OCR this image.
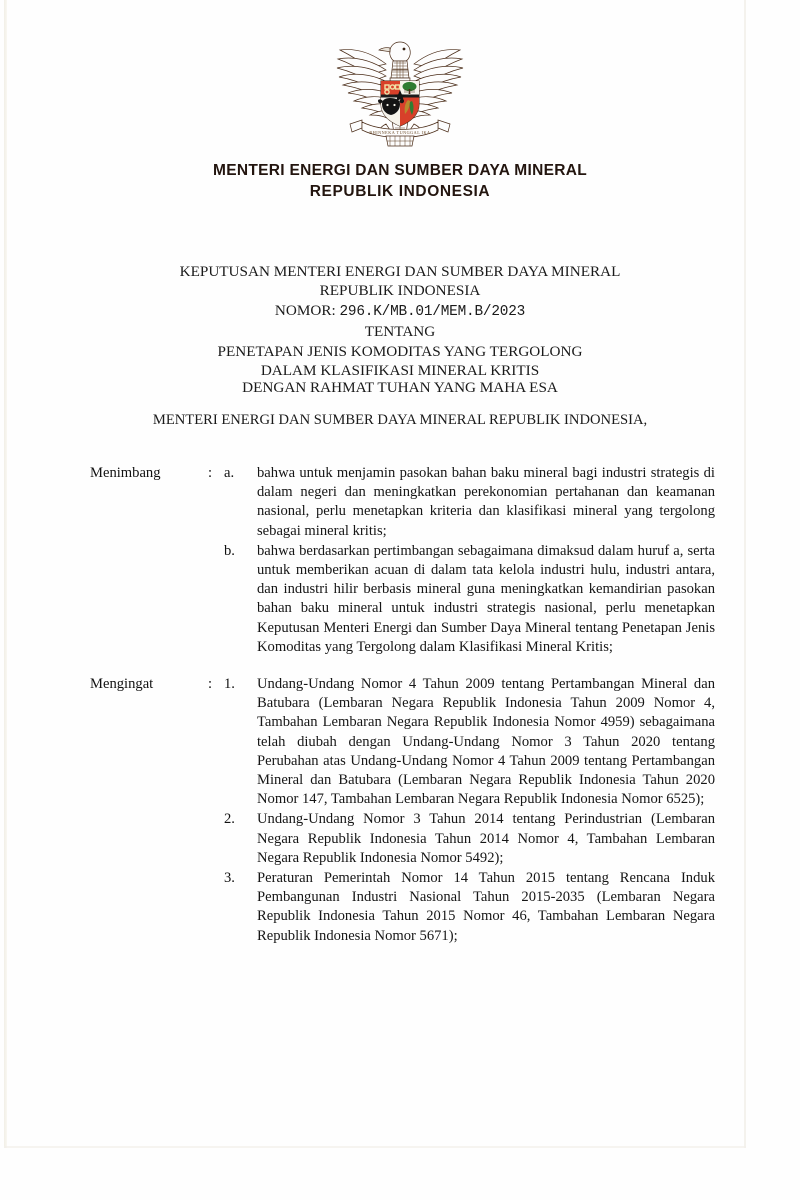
BHINNEKA TUNGGAL IKA
MENTERI ENERGI DAN SUMBER DAYA MINERAL
REPUBLIK INDONESIA
KEPUTUSAN MENTERI ENERGI DAN SUMBER DAYA MINERAL
REPUBLIK INDONESIA
NOMOR: 296.K/MB.01/MEM.B/2023
TENTANG
PENETAPAN JENIS KOMODITAS YANG TERGOLONG
DALAM KLASIFIKASI MINERAL KRITIS
DENGAN RAHMAT TUHAN YANG MAHA ESA
MENTERI ENERGI DAN SUMBER DAYA MINERAL REPUBLIK INDONESIA,
Menimbang	: a.	bahwa untuk menjamin pasokan bahan baku mineral bagi industri strategis di dalam negeri dan meningkatkan perekonomian pertahanan dan keamanan nasional, perlu menetapkan kriteria dan klasifikasi mineral yang tergolong sebagai mineral kritis;
b.	bahwa berdasarkan pertimbangan sebagaimana dimaksud dalam huruf a, serta untuk memberikan acuan di dalam tata kelola industri hulu, industri antara, dan industri hilir berbasis mineral guna meningkatkan kemandirian pasokan bahan baku mineral untuk industri strategis nasional, perlu menetapkan Keputusan Menteri Energi dan Sumber Daya Mineral tentang Penetapan Jenis Komoditas yang Tergolong dalam Klasifikasi Mineral Kritis;
Mengingat	: 1.	Undang-Undang Nomor 4 Tahun 2009 tentang Pertambangan Mineral dan Batubara (Lembaran Negara Republik Indonesia Tahun 2009 Nomor 4, Tambahan Lembaran Negara Republik Indonesia Nomor 4959) sebagaimana telah diubah dengan Undang-Undang Nomor 3 Tahun 2020 tentang Perubahan atas Undang-Undang Nomor 4 Tahun 2009 tentang Pertambangan Mineral dan Batubara (Lembaran Negara Republik Indonesia Tahun 2020 Nomor 147, Tambahan Lembaran Negara Republik Indonesia Nomor 6525);
2.	Undang-Undang Nomor 3 Tahun 2014 tentang Perindustrian (Lembaran Negara Republik Indonesia Tahun 2014 Nomor 4, Tambahan Lembaran Negara Republik Indonesia Nomor 5492);
3.	Peraturan Pemerintah Nomor 14 Tahun 2015 tentang Rencana Induk Pembangunan Industri Nasional Tahun 2015-2035 (Lembaran Negara Republik Indonesia Tahun 2015 Nomor 46, Tambahan Lembaran Negara Republik Indonesia Nomor 5671);
